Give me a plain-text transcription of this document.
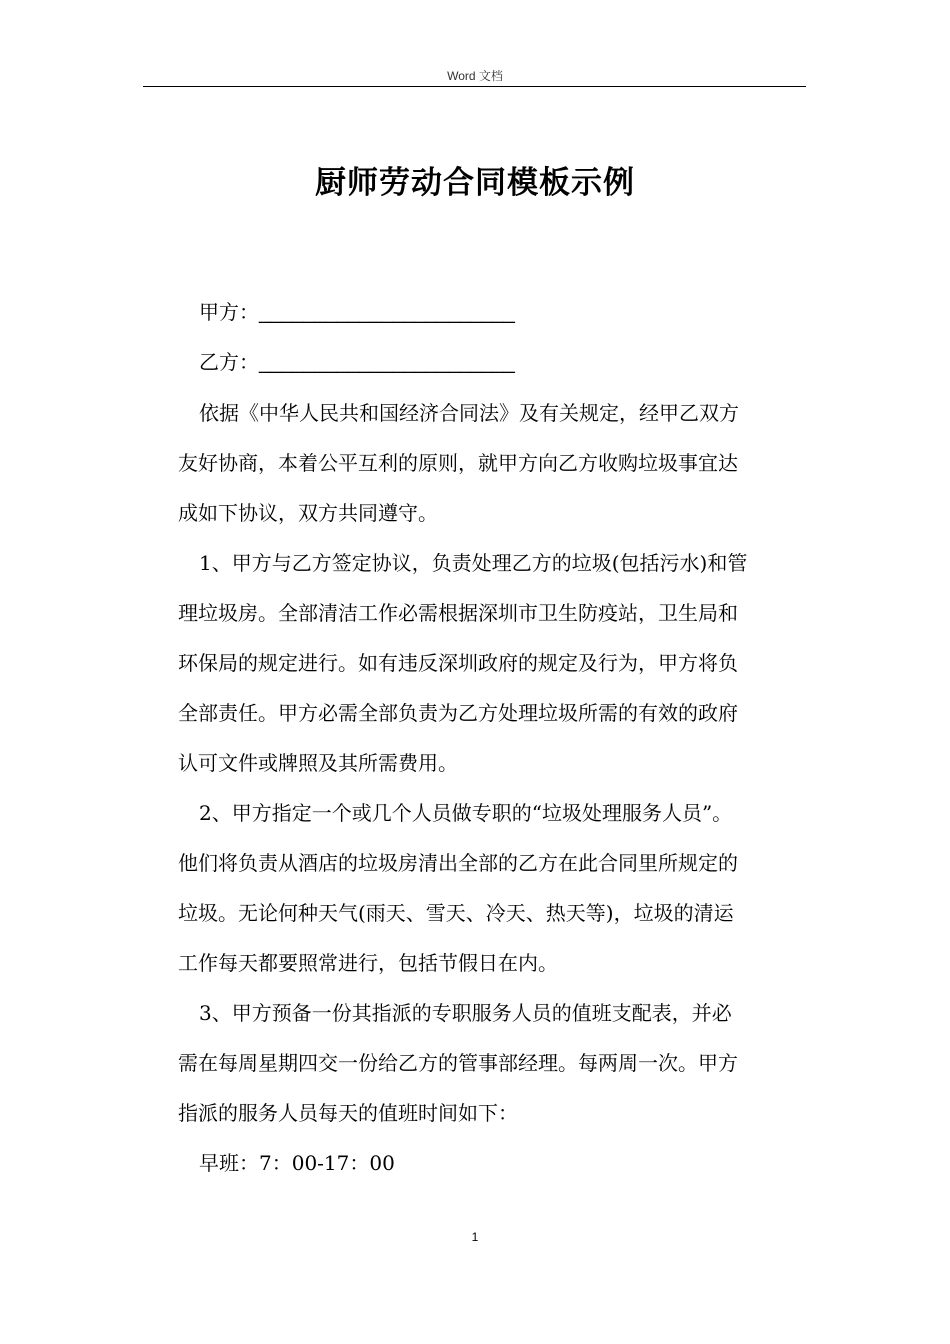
Word 文档
厨师劳动合同模板示例
甲方：_______________________
乙方：_______________________
依据《中华人民共和国经济合同法》及有关规定，经甲乙双方
友好协商，本着公平互利的原则，就甲方向乙方收购垃圾事宜达
成如下协议，双方共同遵守。
1、甲方与乙方签定协议，负责处理乙方的垃圾(包括污水)和管
理垃圾房。全部清洁工作必需根据深圳市卫生防疫站，卫生局和
环保局的规定进行。如有违反深圳政府的规定及行为，甲方将负
全部责任。甲方必需全部负责为乙方处理垃圾所需的有效的政府
认可文件或牌照及其所需费用。
2、甲方指定一个或几个人员做专职的“垃圾处理服务人员”。
他们将负责从酒店的垃圾房清出全部的乙方在此合同里所规定的
垃圾。无论何种天气(雨天、雪天、冷天、热天等)，垃圾的清运
工作每天都要照常进行，包括节假日在内。
3、甲方预备一份其指派的专职服务人员的值班支配表，并必
需在每周星期四交一份给乙方的管事部经理。每两周一次。甲方
指派的服务人员每天的值班时间如下：
早班：7：00-17：00
1
